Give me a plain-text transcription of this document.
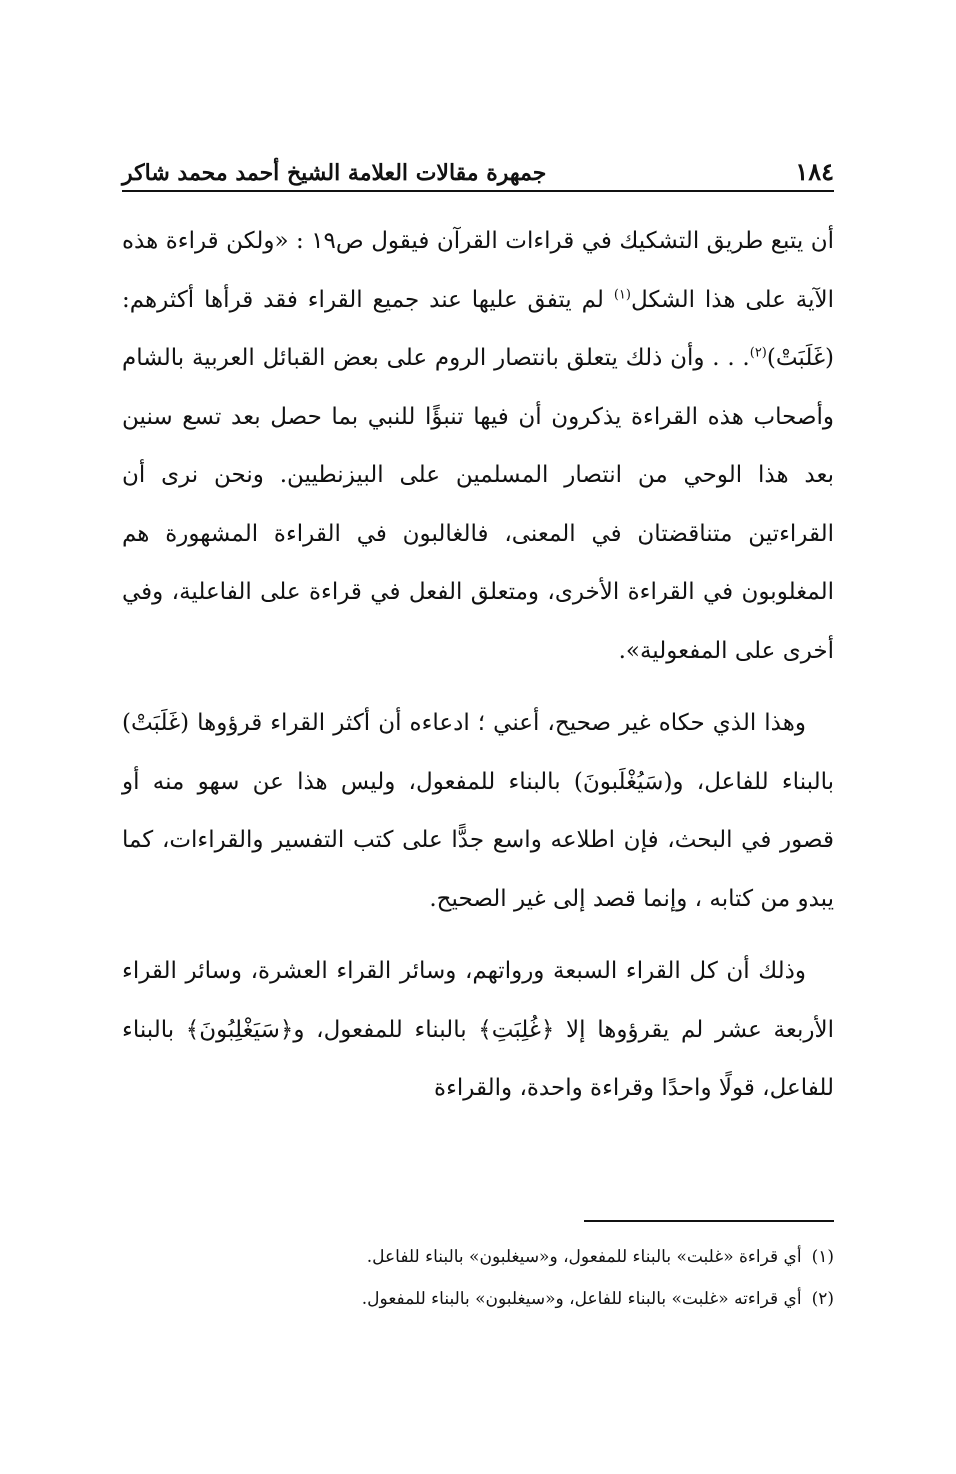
١٨٤
جمهرة مقالات العلامة الشيخ أحمد محمد شاكر

أن يتبع طريق التشكيك في قراءات القرآن فيقول ص١٩ : «ولكن قراءة هذه الآية على هذا الشكل$^{(١)}$ لم يتفق عليها عند جميع القراء فقد قرأها أكثرهم: (غَلَبَتْ)$^{(٢)}$. . . وأن ذلك يتعلق بانتصار الروم على بعض القبائل العربية بالشام وأصحاب هذه القراءة يذكرون أن فيها تنبؤًا للنبي بما حصل بعد تسع سنين بعد هذا الوحي من انتصار المسلمين على البيزنطيين. ونحن نرى أن القراءتين متناقضتان في المعنى، فالغالبون في القراءة المشهورة هم المغلوبون في القراءة الأخرى، ومتعلق الفعل في قراءة على الفاعلية، وفي أخرى على المفعولية».

وهذا الذي حكاه غير صحيح، أعني ؛ ادعاءه أن أكثر القراء قرؤوها (غَلَبَتْ) بالبناء للفاعل، و(سَيُغْلَبونَ) بالبناء للمفعول، وليس هذا عن سهو منه أو قصور في البحث، فإن اطلاعه واسع جدًّا على كتب التفسير والقراءات، كما يبدو من كتابه ، وإنما قصد إلى غير الصحيح.

وذلك أن كل القراء السبعة ورواتهم، وسائر القراء العشرة، وسائر القراء الأربعة عشر لم يقرؤوها إلا ﴿غُلِبَتِ﴾ بالبناء للمفعول، و﴿سَيَغْلِبُونَ﴾ بالبناء للفاعل، قولًا واحدًا وقراءة واحدة، والقراءة

(١)أي قراءة «غلبت» بالبناء للمفعول، و«سيغلبون» بالبناء للفاعل.

(٢)أي قراءته «غلبت» بالبناء للفاعل، و«سيغلبون» بالبناء للمفعول.
